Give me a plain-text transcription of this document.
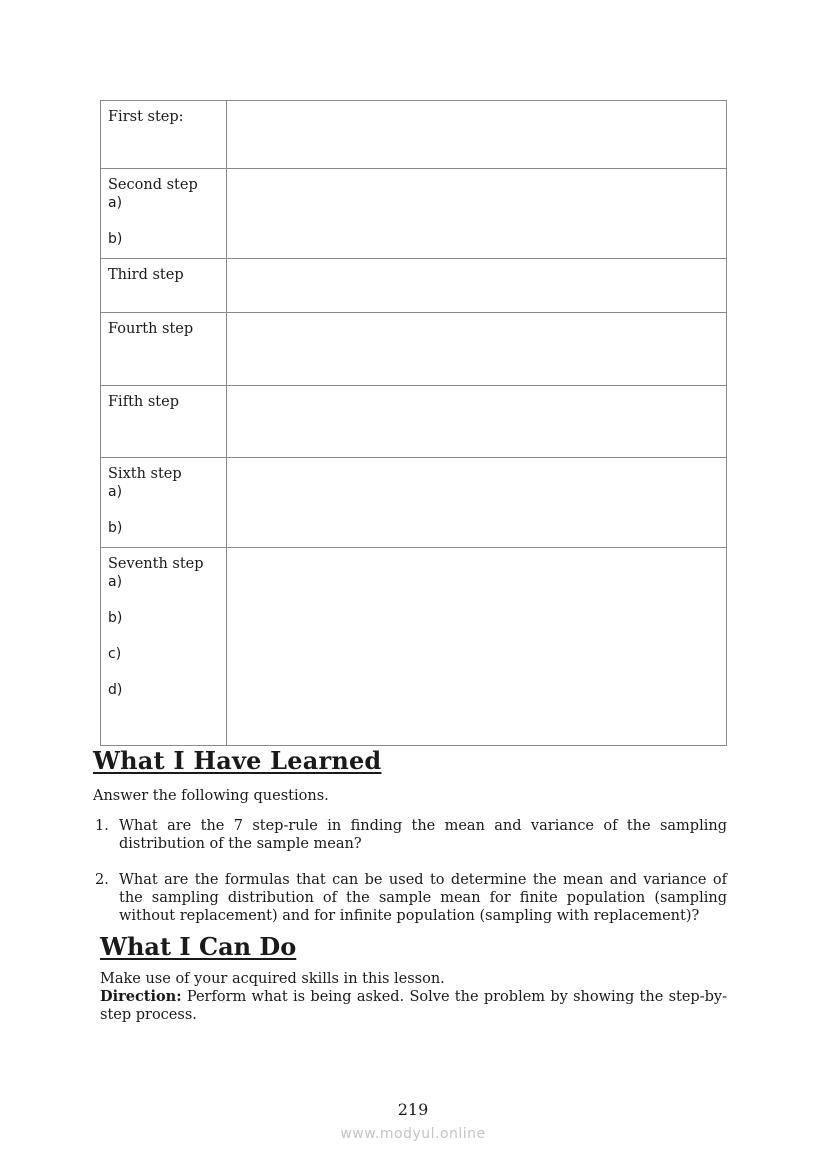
First step:	

Second step
a)
b)	

Third step	

Fourth step	

Fifth step	

Sixth step
a)
b)	

Seventh step
a)
b)
c)
d)	

What I Have Learned
Answer the following questions.
1. What are the 7 step-rule in finding the mean and variance of the sampling distribution of the sample mean?
2. What are the formulas that can be used to determine the mean and variance of the sampling distribution of the sample mean for finite population (sampling without replacement) and for infinite population (sampling with replacement)?
What I Can Do
Make use of your acquired skills in this lesson.
Direction: Perform what is being asked. Solve the problem by showing the step-by-step process.
219
www.modyul.online
